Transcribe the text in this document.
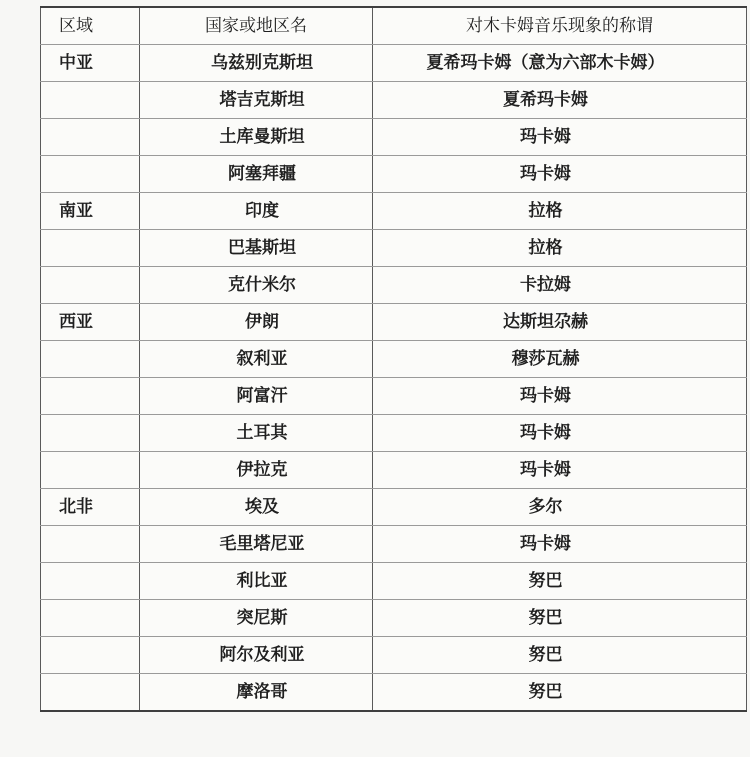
区域	国家或地区名	对木卡姆音乐现象的称谓
中亚	乌兹别克斯坦	夏希玛卡姆（意为六部木卡姆）
	塔吉克斯坦	夏希玛卡姆
	土库曼斯坦	玛卡姆
	阿塞拜疆	玛卡姆
南亚	印度	拉格
	巴基斯坦	拉格
	克什米尔	卡拉姆
西亚	伊朗	达斯坦尕赫
	叙利亚	穆莎瓦赫
	阿富汗	玛卡姆
	土耳其	玛卡姆
	伊拉克	玛卡姆
北非	埃及	多尔
	毛里塔尼亚	玛卡姆
	利比亚	努巴
	突尼斯	努巴
	阿尔及利亚	努巴
	摩洛哥	努巴
